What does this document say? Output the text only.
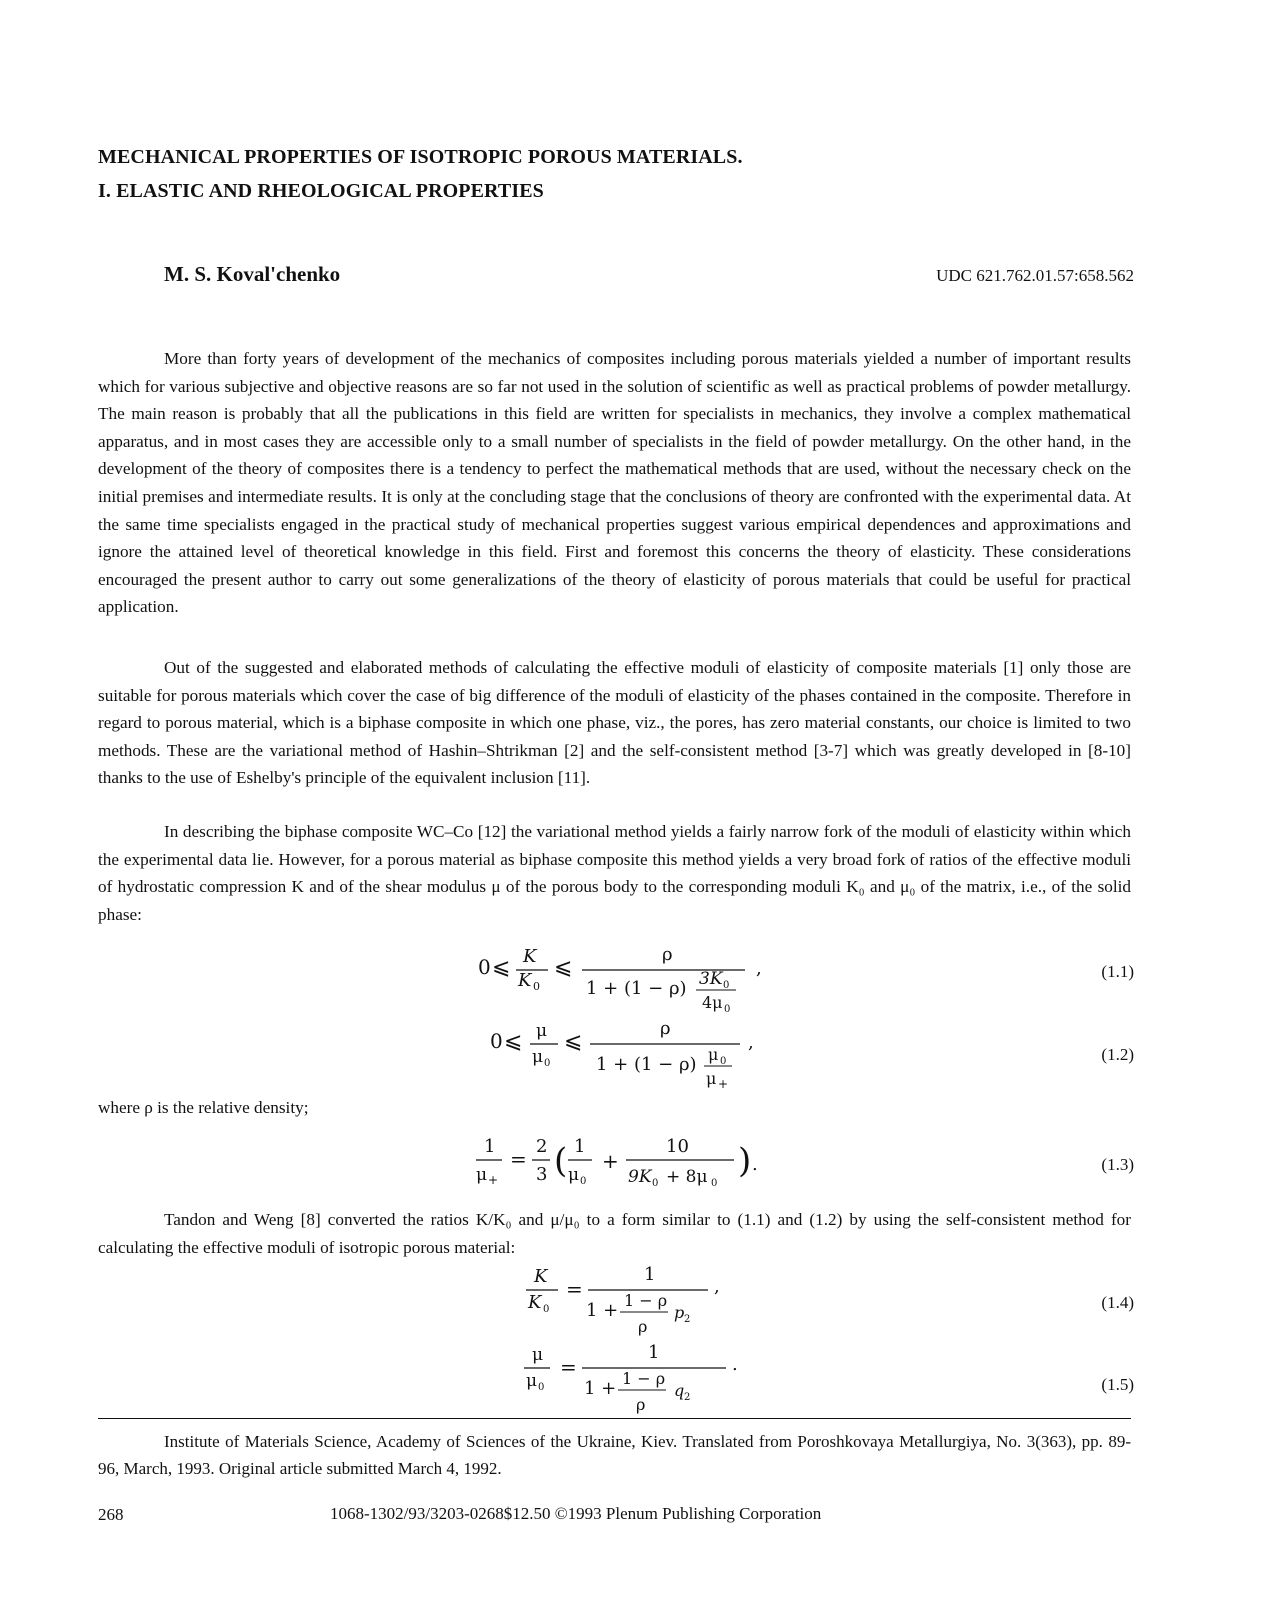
MECHANICAL PROPERTIES OF ISOTROPIC POROUS MATERIALS.
I. ELASTIC AND RHEOLOGICAL PROPERTIES
M. S. Koval'chenko	UDC 621.762.01.57:658.562

More than forty years of development of the mechanics of composites including porous materials yielded a number of important results which for various subjective and objective reasons are so far not used in the solution of scientific as well as practical problems of powder metallurgy. The main reason is probably that all the publications in this field are written for specialists in mechanics, they involve a complex mathematical apparatus, and in most cases they are accessible only to a small number of specialists in the field of powder metallurgy. On the other hand, in the development of the theory of composites there is a tendency to perfect the mathematical methods that are used, without the necessary check on the initial premises and intermediate results. It is only at the concluding stage that the conclusions of theory are confronted with the experimental data. At the same time specialists engaged in the practical study of mechanical properties suggest various empirical dependences and approximations and ignore the attained level of theoretical knowledge in this field. First and foremost this concerns the theory of elasticity. These considerations encouraged the present author to carry out some generalizations of the theory of elasticity of porous materials that could be useful for practical application.

Out of the suggested and elaborated methods of calculating the effective moduli of elasticity of composite materials [1] only those are suitable for porous materials which cover the case of big difference of the moduli of elasticity of the phases contained in the composite. Therefore in regard to porous material, which is a biphase composite in which one phase, viz., the pores, has zero material constants, our choice is limited to two methods. These are the variational method of Hashin–Shtrikman [2] and the self-consistent method [3-7] which was greatly developed in [8-10] thanks to the use of Eshelby's principle of the equivalent inclusion [11].

In describing the biphase composite WC–Co [12] the variational method yields a fairly narrow fork of the moduli of elasticity within which the experimental data lie. However, for a porous material as biphase composite this method yields a very broad fork of ratios of the effective moduli of hydrostatic compression K and of the shear modulus μ of the porous body to the corresponding moduli K₀ and μ₀ of the matrix, i.e., of the solid phase:

0 ⩽ K
K 0
⩽
ρ
1 + (1 − ρ) 3K 0
4μ 0
,	(1.1)
0 ⩽ μ
μ 0
⩽
ρ
1 + (1 − ρ) μ 0
μ +
,
(1.2)
where ρ is the relative density;
1
μ +
=
2
3 ( 1
μ 0
+
10
9K 0 + 8μ 0
) .	(1.3)

Tandon and Weng [8] converted the ratios K/K₀ and μ/μ₀ to a form similar to (1.1) and (1.2) by using the self-consistent method for calculating the effective moduli of isotropic porous material:

K
K 0
=
1
1 + 1 − ρ
ρ
p 2
,
(1.4)
μ
μ 0
=
1
1 + 1 − ρ
ρ
q 2
.
(1.5)

Institute of Materials Science, Academy of Sciences of the Ukraine, Kiev. Translated from Poroshkovaya Metallurgiya, No. 3(363), pp. 89-96, March, 1993. Original article submitted March 4, 1992.

268	1068-1302/93/3203-0268$12.50 ©1993 Plenum Publishing Corporation
